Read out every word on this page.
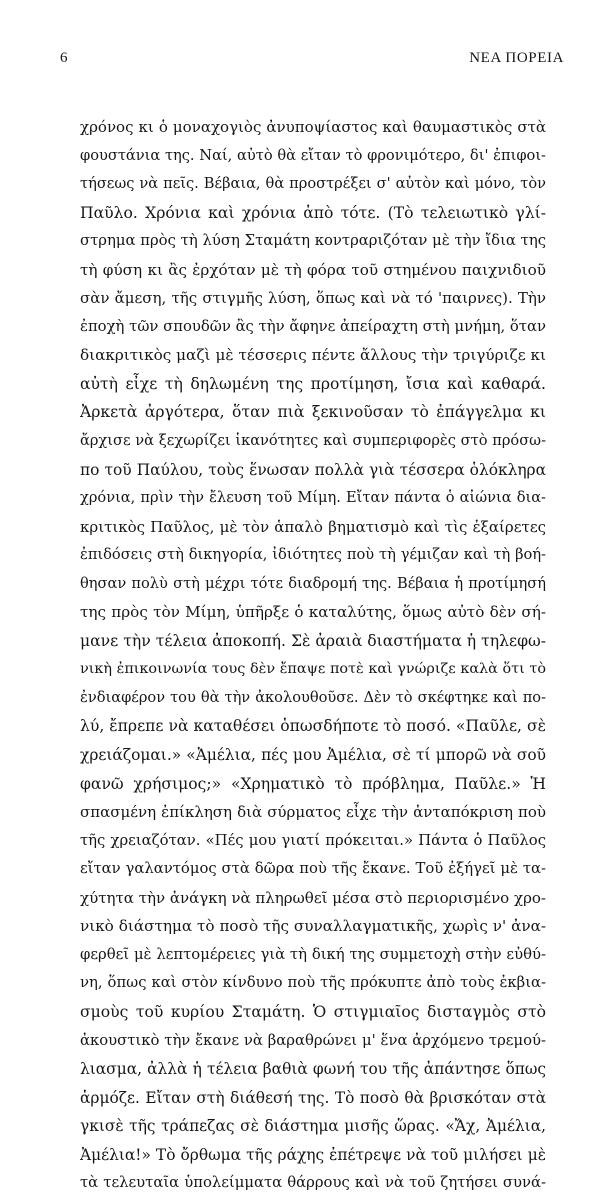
6	ΝΕΑ ΠΟΡΕΙΑ
χρόνος κι ὁ μοναχογιὸς ἀνυποψίαστος καὶ θαυμαστικὸς στὰ
φουστάνια της. Ναί, αὐτὸ θὰ εἴταν τὸ φρονιμότερο, δι' ἐπιφοι-
τήσεως νὰ πεῖς. Βέβαια, θὰ προστρέξει σ' αὐτὸν καὶ μόνο, τὸν
Παῦλο. Χρόνια καὶ χρόνια ἀπὸ τότε. (Τὸ τελειωτικὸ γλί-
στρημα πρὸς τὴ λύση Σταμάτη κοντραριζόταν μὲ τὴν ἴδια της
τὴ φύση κι ἂς ἐρχόταν μὲ τὴ φόρα τοῦ στημένου παιχνιδιοῦ
σὰν ἄμεση, τῆς στιγμῆς λύση, ὅπως καὶ νὰ τό 'παιρνες). Τὴν
ἐποχὴ τῶν σπουδῶν ἂς τὴν ἄφηνε ἀπείραχτη στὴ μνήμη, ὅταν
διακριτικὸς μαζὶ μὲ τέσσερις πέντε ἄλλους τὴν τριγύριζε κι
αὐτὴ εἶχε τὴ δηλωμένη της προτίμηση, ἴσια καὶ καθαρά.
Ἀρκετὰ ἀργότερα, ὅταν πιὰ ξεκινοῦσαν τὸ ἐπάγγελμα κι
ἄρχισε νὰ ξεχωρίζει ἱκανότητες καὶ συμπεριφορὲς στὸ πρόσω-
πο τοῦ Παύλου, τοὺς ἕνωσαν πολλὰ γιὰ τέσσερα ὁλόκληρα
χρόνια, πρὶν τὴν ἔλευση τοῦ Μίμη. Εἴταν πάντα ὁ αἰώνια δια-
κριτικὸς Παῦλος, μὲ τὸν ἁπαλὸ βηματισμὸ καὶ τὶς ἐξαίρετες
ἐπιδόσεις στὴ δικηγορία, ἰδιότητες ποὺ τὴ γέμιζαν καὶ τὴ βοή-
θησαν πολὺ στὴ μέχρι τότε διαδρομή της. Βέβαια ἡ προτίμησή
της πρὸς τὸν Μίμη, ὑπῆρξε ὁ καταλύτης, ὅμως αὐτὸ δὲν σή-
μανε τὴν τέλεια ἀποκοπή. Σὲ ἀραιὰ διαστήματα ἡ τηλεφω-
νικὴ ἐπικοινωνία τους δὲν ἔπαψε ποτὲ καὶ γνώριζε καλὰ ὅτι τὸ
ἐνδιαφέρον του θὰ τὴν ἀκολουθοῦσε. Δὲν τὸ σκέφτηκε καὶ πο-
λύ, ἔπρεπε νὰ καταθέσει ὁπωσδήποτε τὸ ποσό. «Παῦλε, σὲ
χρειάζομαι.» «Ἀμέλια, πές μου Ἀμέλια, σὲ τί μπορῶ νὰ σοῦ
φανῶ χρήσιμος;» «Χρηματικὸ τὸ πρόβλημα, Παῦλε.» Ἡ
σπασμένη ἐπίκληση διὰ σύρματος εἶχε τὴν ἀνταπόκριση ποὺ
τῆς χρειαζόταν. «Πές μου γιατί πρόκειται.» Πάντα ὁ Παῦλος
εἴταν γαλαντόμος στὰ δῶρα ποὺ τῆς ἔκανε. Τοῦ ἐξήγεῖ μὲ τα-
χύτητα τὴν ἀνάγκη νὰ πληρωθεῖ μέσα στὸ περιορισμένο χρο-
νικὸ διάστημα τὸ ποσὸ τῆς συναλλαγματικῆς, χωρὶς ν' ἀνα-
φερθεῖ μὲ λεπτομέρειες γιὰ τὴ δική της συμμετοχὴ στὴν εὐθύ-
νη, ὅπως καὶ στὸν κίνδυνο ποὺ τῆς πρόκυπτε ἀπὸ τοὺς ἐκβια-
σμοὺς τοῦ κυρίου Σταμάτη. Ὁ στιγμιαῖος δισταγμὸς στὸ
ἀκουστικὸ τὴν ἔκανε νὰ βαραθρώνει μ' ἕνα ἀρχόμενο τρεμού-
λιασμα, ἀλλὰ ἡ τέλεια βαθιὰ φωνή του τῆς ἀπάντησε ὅπως
ἁρμόζε. Εἴταν στὴ διάθεσή της. Τὸ ποσὸ θὰ βρισκόταν στὰ
γκισὲ τῆς τράπεζας σὲ διάστημα μισῆς ὥρας. «Ἄχ, Ἀμέλια,
Ἀμέλια!» Τὸ ὄρθωμα τῆς ράχης ἐπέτρεψε νὰ τοῦ μιλήσει μὲ
τὰ τελευταῖα ὑπολείμματα θάρρους καὶ νὰ τοῦ ζητήσει συνά-
